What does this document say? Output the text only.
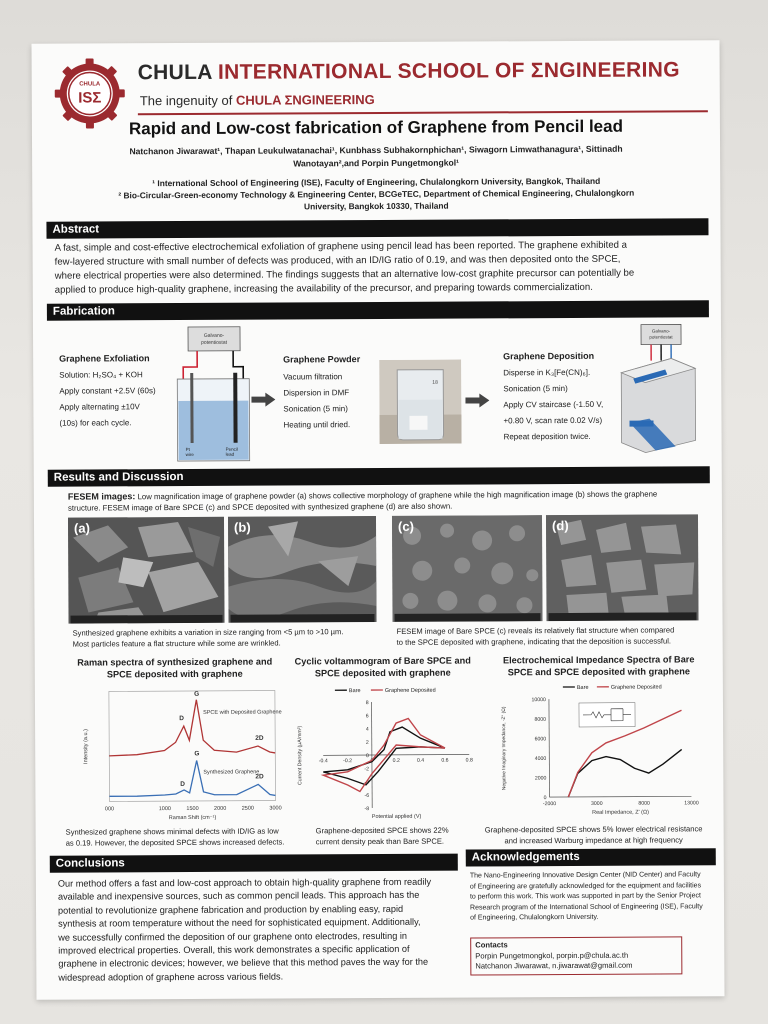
CHULA
ISΣ
CHULA INTERNATIONAL SCHOOL OF ΣNGINEERING
The ingenuity of CHULA ΣNGINEERING
Rapid and Low-cost fabrication of Graphene from Pencil lead
Natchanon Jiwarawat¹, Thapan Leukulwatanachai¹, Kunbhass Subhakornphichan¹, Siwagorn Limwathanagura¹, Sittinadh
Wanotayan²,and Porpin Pungetmongkol¹
¹ International School of Engineering (ISE), Faculty of Engineering, Chulalongkorn University, Bangkok, Thailand
² Bio-Circular-Green-economy Technology & Engineering Center, BCGeTEC, Department of Chemical Engineering, Chulalongkorn
University, Bangkok 10330, Thailand
Abstract
A fast, simple and cost-effective electrochemical exfoliation of graphene using pencil lead has been reported. The graphene exhibited a
few-layered structure with small number of defects was produced, with an ID/IG ratio of 0.19, and was then deposited onto the SPCE,
where electrical properties were also determined. The findings suggests that an alternative low-cost graphite precursor can potentially be
applied to produce high-quality graphene, increasing the availability of the precursor, and preparing towards commercialization.
Fabrication
Galvano-
potentiostat
Pt
wire
Pencil
lead
Graphene Exfoliation
Solution: H₂SO₄ + KOH
Apply constant +2.5V (60s)
Apply alternating ±10V
(10s) for each cycle.
Graphene Powder
Vacuum filtration
Dispersion in DMF
Sonication (5 min)
Heating until dried.
18
Graphene Deposition
Disperse in K₃[Fe(CN)₆].
Sonication (5 min)
Apply CV staircase (-1.50 V,
+0.80 V, scan rate 0.02 V/s)
Repeat deposition twice.
Galvano-
potentiostat
Results and Discussion
FESEM images: Low magnification image of graphene powder (a) shows collective morphology of graphene while the high magnification image (b) shows the graphene
structure. FESEM image of Bare SPCE (c) and SPCE deposited with synthesized graphene (d) are also shown.
(a)	(b)	(c)	(d)
Synthesized graphene exhibits a variation in size ranging from <5 µm to >10 µm.
Most particles feature a flat structure while some are wrinkled.
FESEM image of Bare SPCE (c) reveals its relatively flat structure when compared
to the SPCE deposited with graphene, indicating that the deposition is successful.
Raman spectra of synthesized graphene and SPCE deposited with graphene
Cyclic voltammogram of Bare SPCE and SPCE deposited with graphene
Electrochemical Impedance Spectra of Bare SPCE and SPCE deposited with graphene
000	1000	1500	2000	2500	3000
Raman Shift (cm⁻¹)
Intensity (a.u.)
SPCE with Deposited Graphene
Synthesized Graphene
D
G
2D
D
G
2D
Bare	Graphene Deposited
-0.4	-0.2	0	0.2	0.4	0.6	0.8
8
6
4
2
0
-2
-4
-6
-8
Potential applied (V)
Current Density (µA/mm²)
Bare	Graphene Deposited
-2000	3000	8000	13000
10000
8000
6000
4000
2000
0
Real Impedance, Z' (Ω)
Negative Imaginary Impedance, -Z'' (Ω)
Synthesized graphene shows minimal defects with ID/IG as low
as 0.19. However, the deposited SPCE shows increased defects.
Graphene-deposited SPCE shows 22%
current density peak than Bare SPCE.
Graphene-deposited SPCE shows 5% lower electrical resistance
and increased Warburg impedance at high frequency
Conclusions
Our method offers a fast and low-cost approach to obtain high-quality graphene from readily
available and inexpensive sources, such as common pencil leads. This approach has the
potential to revolutionize graphene fabrication and production by enabling easy, rapid
synthesis at room temperature without the need for sophisticated equipment. Additionally,
we successfully confirmed the deposition of our graphene onto electrodes, resulting in
improved electrical properties. Overall, this work demonstrates a specific application of
graphene in electronic devices; however, we believe that this method paves the way for the
widespread adoption of graphene across various fields.
Acknowledgements
The Nano-Engineering Innovative Design Center (NID Center) and Faculty
of Engineering are gratefully acknowledged for the equipment and facilities
to perform this work. This work was supported in part by the Senior Project
Research program of the International School of Engineering (ISE), Faculty
of Engineering, Chulalongkorn University.
Contacts
Porpin Pungetmongkol, porpin.p@chula.ac.th
Natchanon Jiwarawat, n.jiwarawat@gmail.com
